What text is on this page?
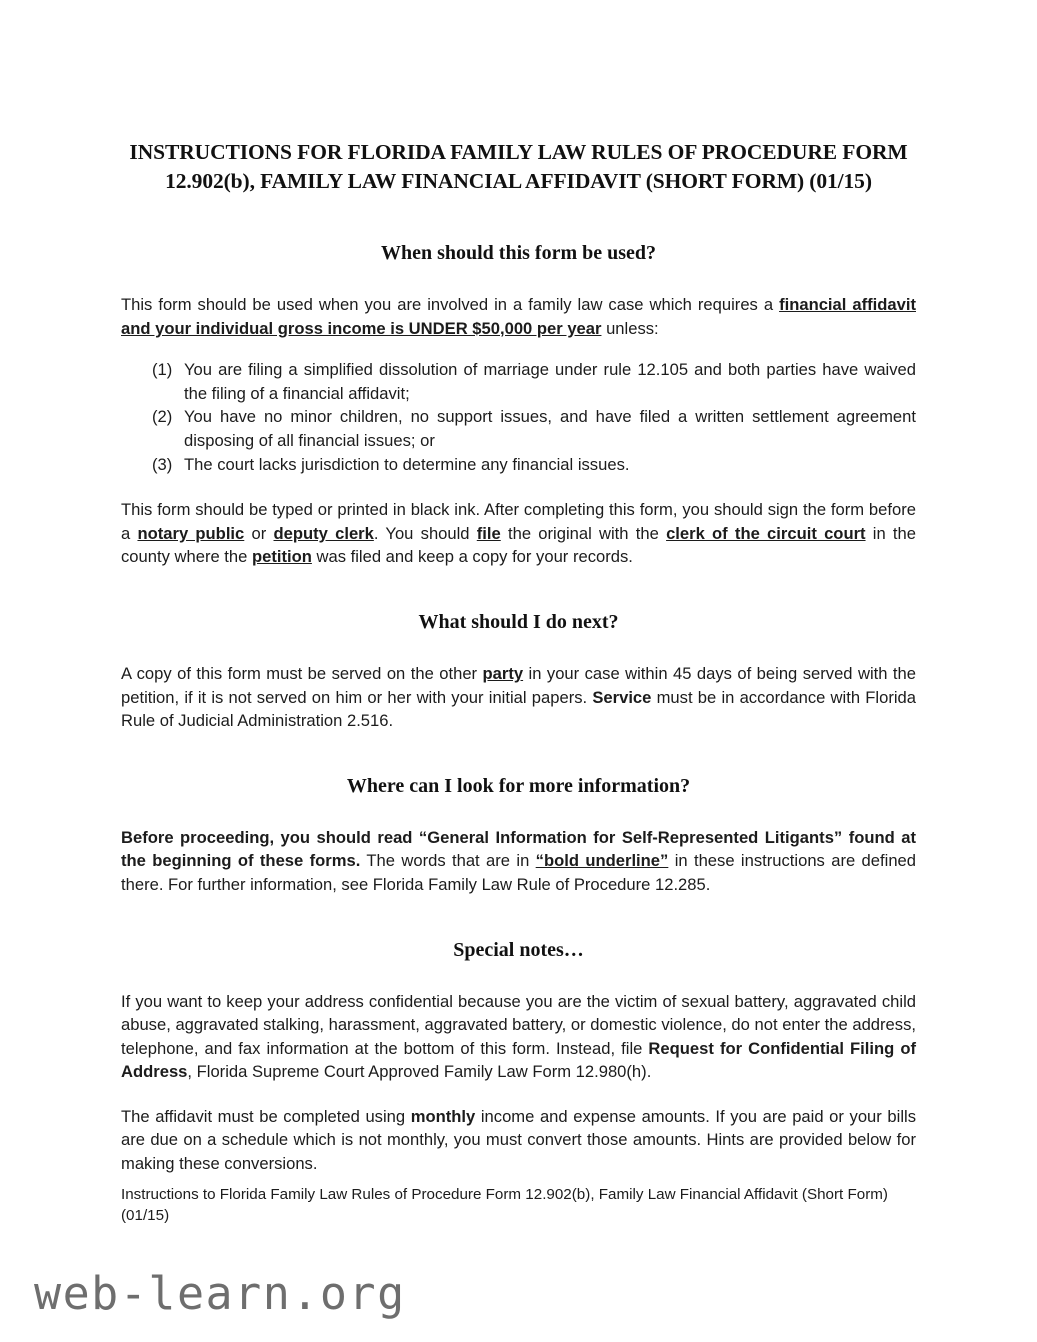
INSTRUCTIONS FOR FLORIDA FAMILY LAW RULES OF PROCEDURE FORM
12.902(b), FAMILY LAW FINANCIAL AFFIDAVIT (SHORT FORM) (01/15)
When should this form be used?

This form should be used when you are involved in a family law case which requires a financial affidavit and your individual gross income is UNDER $50,000 per year unless:

(1) You are filing a simplified dissolution of marriage under rule 12.105 and both parties have waived the filing of a financial affidavit;
(2) You have no minor children, no support issues, and have filed a written settlement agreement disposing of all financial issues; or
(3) The court lacks jurisdiction to determine any financial issues.

This form should be typed or printed in black ink. After completing this form, you should sign the form before a notary public or deputy clerk. You should file the original with the clerk of the circuit court in the county where the petition was filed and keep a copy for your records.

What should I do next?

A copy of this form must be served on the other party in your case within 45 days of being served with the petition, if it is not served on him or her with your initial papers. Service must be in accordance with Florida Rule of Judicial Administration 2.516.

Where can I look for more information?

Before proceeding, you should read “General Information for Self-Represented Litigants” found at the beginning of these forms. The words that are in “bold underline” in these instructions are defined there. For further information, see Florida Family Law Rule of Procedure 12.285.

Special notes…

If you want to keep your address confidential because you are the victim of sexual battery, aggravated child abuse, aggravated stalking, harassment, aggravated battery, or domestic violence, do not enter the address, telephone, and fax information at the bottom of this form. Instead, file Request for Confidential Filing of Address, Florida Supreme Court Approved Family Law Form 12.980(h).

The affidavit must be completed using monthly income and expense amounts. If you are paid or your bills are due on a schedule which is not monthly, you must convert those amounts. Hints are provided below for making these conversions.

Instructions to Florida Family Law Rules of Procedure Form 12.902(b), Family Law Financial Affidavit (Short Form)

(01/15)

web-learn.org
